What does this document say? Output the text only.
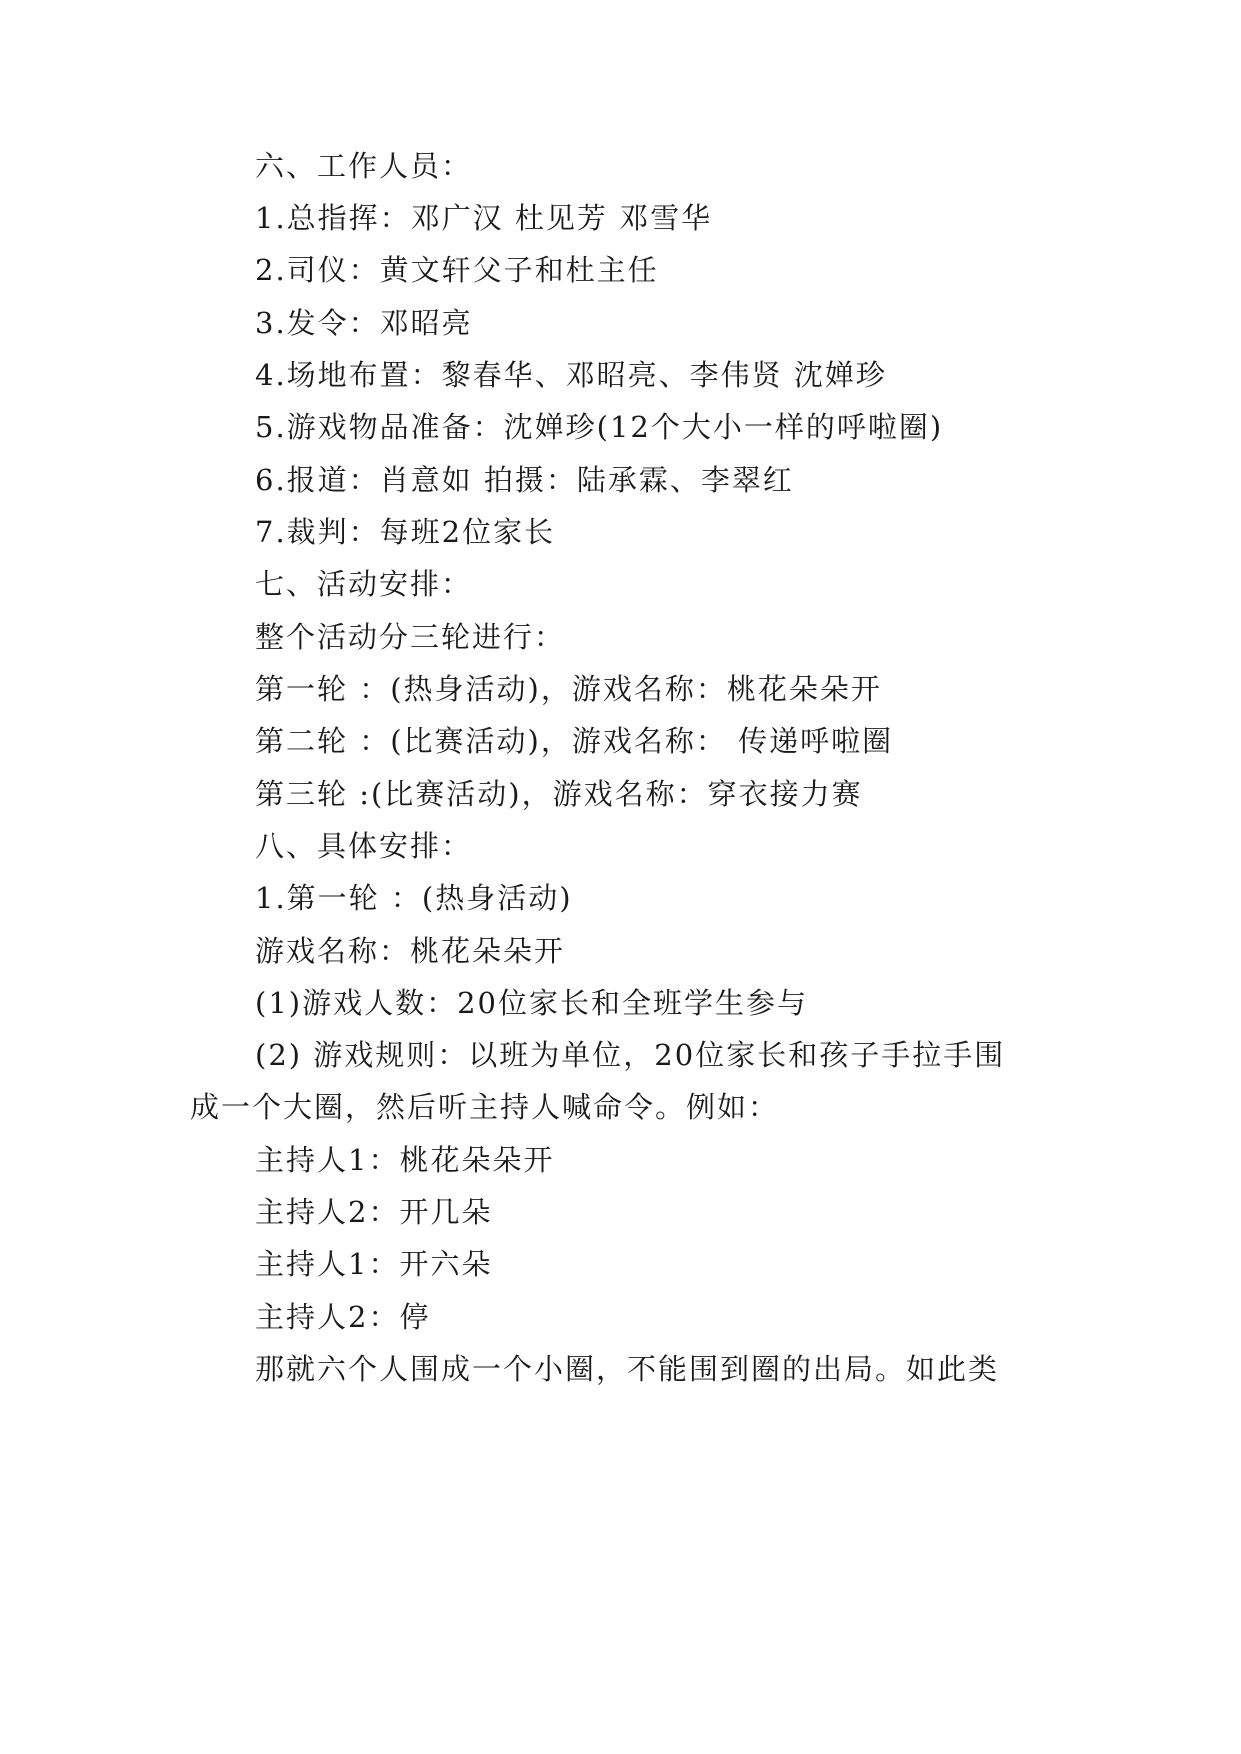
六、工作人员：
1.总指挥：邓广汉 杜见芳 邓雪华
2.司仪：黄文轩父子和杜主任
3.发令：邓昭亮
4.场地布置：黎春华、邓昭亮、李伟贤 沈婵珍
5.游戏物品准备：沈婵珍(12个大小一样的呼啦圈)
6.报道：肖意如 拍摄：陆承霖、李翠红
7.裁判：每班2位家长
七、活动安排：
整个活动分三轮进行：
第一轮 ：(热身活动)，游戏名称：桃花朵朵开
第二轮 ：(比赛活动)，游戏名称： 传递呼啦圈
第三轮 :(比赛活动)，游戏名称：穿衣接力赛
八、具体安排：
1.第一轮 ：(热身活动)
游戏名称：桃花朵朵开
(1)游戏人数：20位家长和全班学生参与
(2) 游戏规则：以班为单位，20位家长和孩子手拉手围
成一个大圈，然后听主持人喊命令。例如：
主持人1：桃花朵朵开
主持人2：开几朵
主持人1：开六朵
主持人2：停
那就六个人围成一个小圈，不能围到圈的出局。如此类
